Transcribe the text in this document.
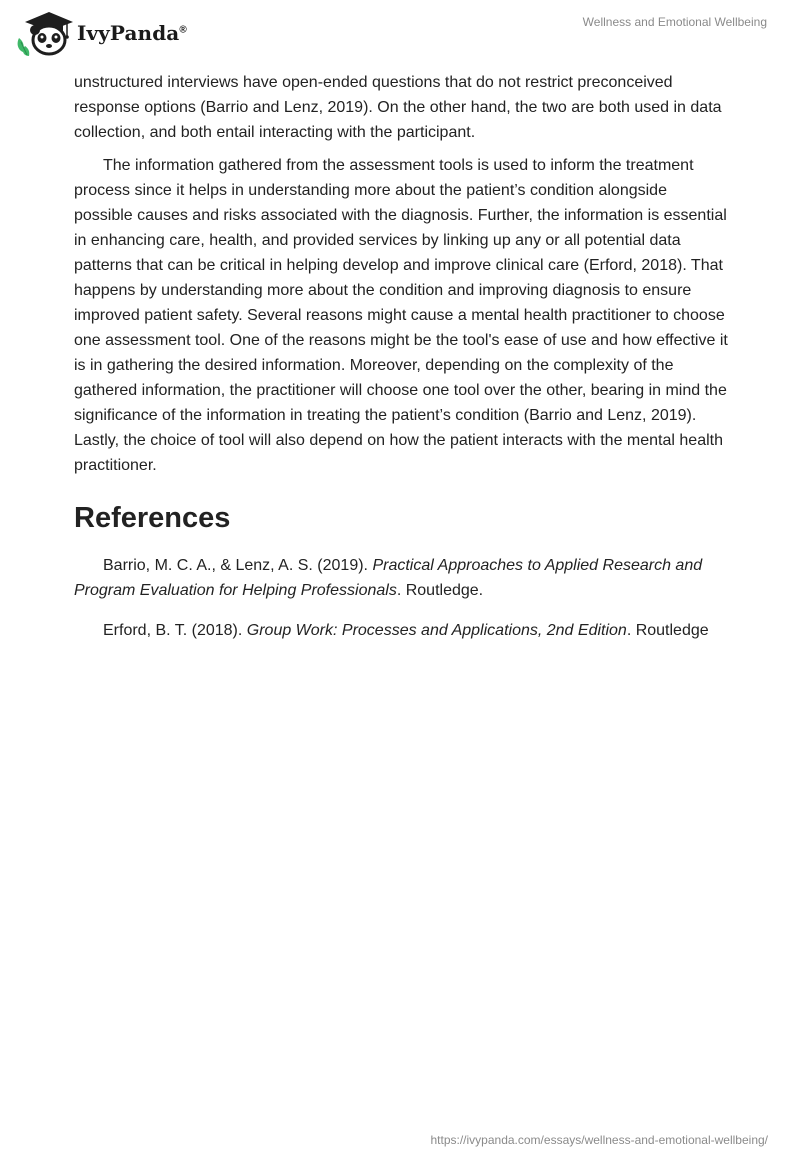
IvyPanda®
Wellness and Emotional Wellbeing

unstructured interviews have open-ended questions that do not restrict preconceived response options (Barrio and Lenz, 2019). On the other hand, the two are both used in data collection, and both entail interacting with the participant.

The information gathered from the assessment tools is used to inform the treatment process since it helps in understanding more about the patient’s condition alongside possible causes and risks associated with the diagnosis. Further, the information is essential in enhancing care, health, and provided services by linking up any or all potential data patterns that can be critical in helping develop and improve clinical care (Erford, 2018). That happens by understanding more about the condition and improving diagnosis to ensure improved patient safety. Several reasons might cause a mental health practitioner to choose one assessment tool. One of the reasons might be the tool's ease of use and how effective it is in gathering the desired information. Moreover, depending on the complexity of the gathered information, the practitioner will choose one tool over the other, bearing in mind the significance of the information in treating the patient’s condition (Barrio and Lenz, 2019). Lastly, the choice of tool will also depend on how the patient interacts with the mental health practitioner.

References

Barrio, M. C. A., & Lenz, A. S. (2019). Practical Approaches to Applied Research and Program Evaluation for Helping Professionals. Routledge.

Erford, B. T. (2018). Group Work: Processes and Applications, 2nd Edition. Routledge

https://ivypanda.com/essays/wellness-and-emotional-wellbeing/
